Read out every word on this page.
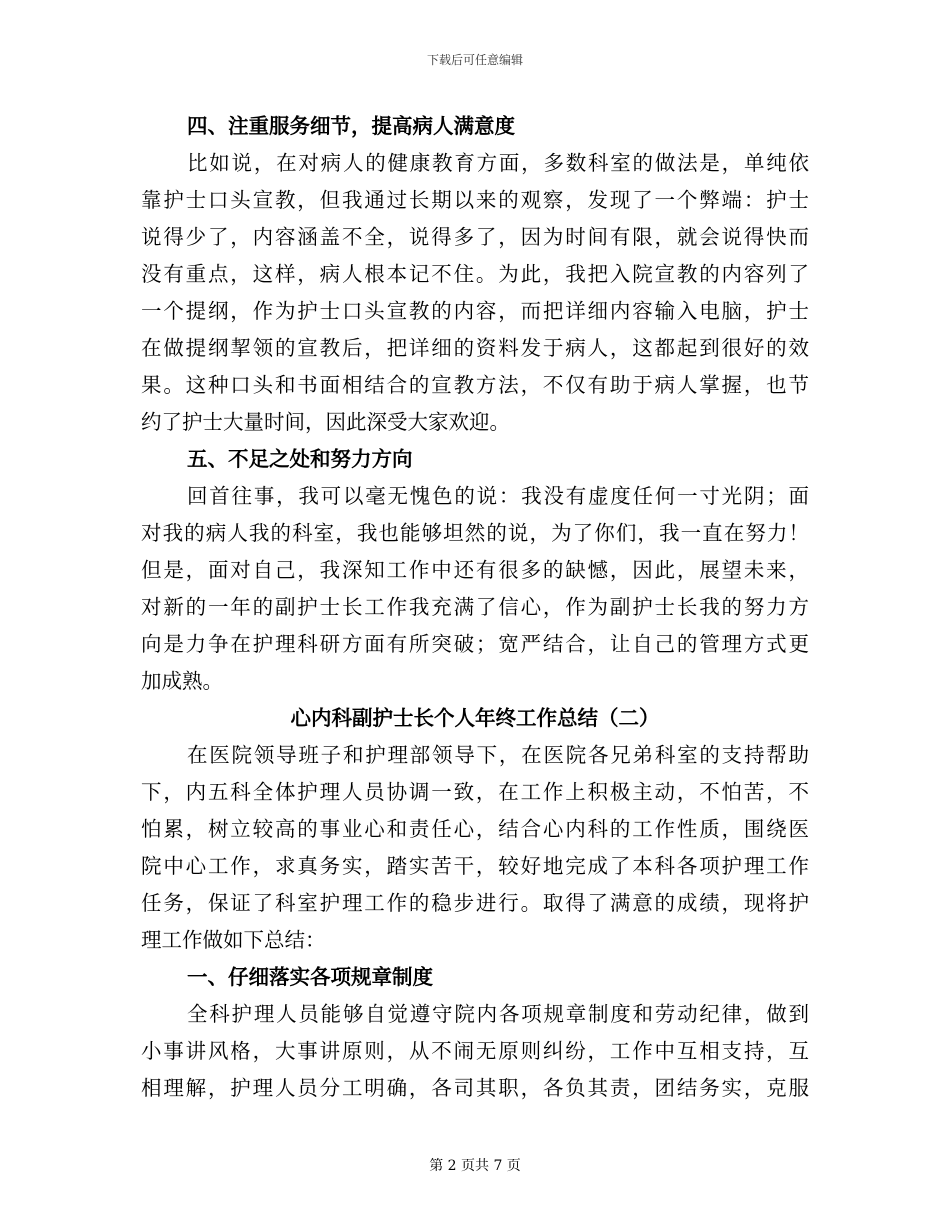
下载后可任意编辑
四、注重服务细节，提高病人满意度
比如说，在对病人的健康教育方面，多数科室的做法是，单纯依
靠护士口头宣教，但我通过长期以来的观察，发现了一个弊端：护士
说得少了，内容涵盖不全，说得多了，因为时间有限，就会说得快而
没有重点，这样，病人根本记不住。为此，我把入院宣教的内容列了
一个提纲，作为护士口头宣教的内容，而把详细内容输入电脑，护士
在做提纲挈领的宣教后，把详细的资料发于病人，这都起到很好的效
果。这种口头和书面相结合的宣教方法，不仅有助于病人掌握，也节
约了护士大量时间，因此深受大家欢迎。
五、不足之处和努力方向
回首往事，我可以毫无愧色的说：我没有虚度任何一寸光阴；面
对我的病人我的科室，我也能够坦然的说，为了你们，我一直在努力！
但是，面对自己，我深知工作中还有很多的缺憾，因此，展望未来，
对新的一年的副护士长工作我充满了信心，作为副护士长我的努力方
向是力争在护理科研方面有所突破；宽严结合，让自己的管理方式更
加成熟。
心内科副护士长个人年终工作总结（二）
在医院领导班子和护理部领导下，在医院各兄弟科室的支持帮助
下，内五科全体护理人员协调一致，在工作上积极主动，不怕苦，不
怕累，树立较高的事业心和责任心，结合心内科的工作性质，围绕医
院中心工作，求真务实，踏实苦干，较好地完成了本科各项护理工作
任务，保证了科室护理工作的稳步进行。取得了满意的成绩，现将护
理工作做如下总结：
一、仔细落实各项规章制度
全科护理人员能够自觉遵守院内各项规章制度和劳动纪律，做到
小事讲风格，大事讲原则，从不闹无原则纠纷，工作中互相支持，互
相理解，护理人员分工明确，各司其职，各负其责，团结务实，克服
第 2 页共 7 页
